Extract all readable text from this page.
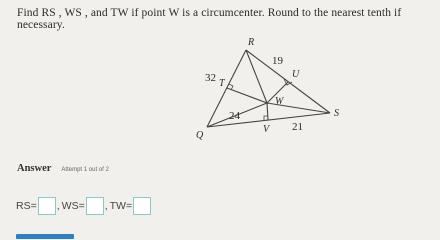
Find RS , WS , and TW if point W is a circumcenter. Round to the nearest tenth if necessary.
R
T
Q
S
W
U
V
19
32
24
21
Answer Attempt 1 out of 2
RS = , WS = , TW =
